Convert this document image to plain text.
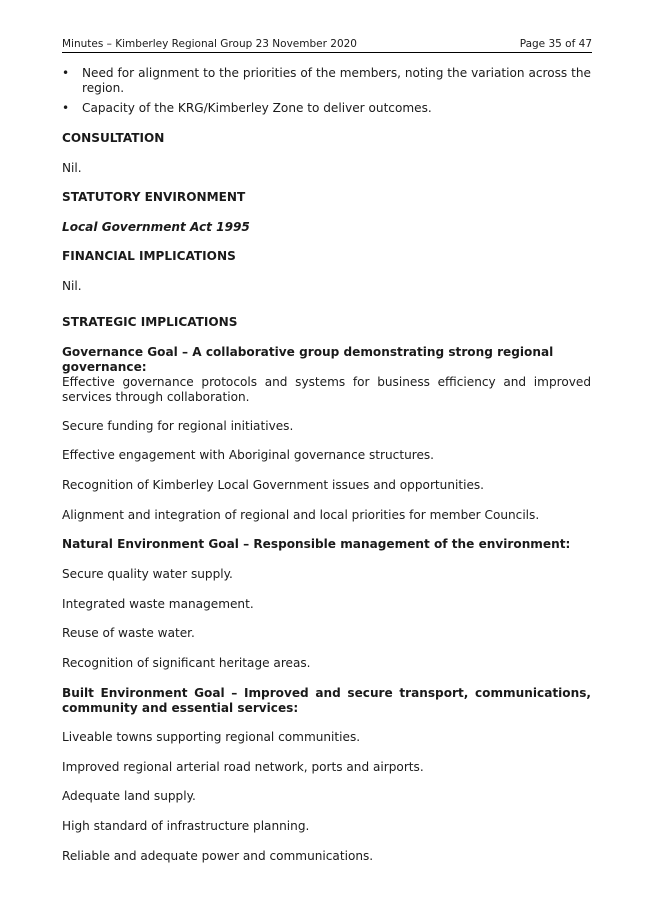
Minutes – Kimberley Regional Group 23 November 2020	Page 35 of 47
•	Need for alignment to the priorities of the members, noting the variation across the region.
•	Capacity of the KRG/Kimberley Zone to deliver outcomes.
CONSULTATION
Nil.
STATUTORY ENVIRONMENT
Local Government Act 1995
FINANCIAL IMPLICATIONS
Nil.
STRATEGIC IMPLICATIONS
Governance Goal – A collaborative group demonstrating strong regional governance:
Effective governance protocols and systems for business efficiency and improved services through collaboration.
Secure funding for regional initiatives.
Effective engagement with Aboriginal governance structures.
Recognition of Kimberley Local Government issues and opportunities.
Alignment and integration of regional and local priorities for member Councils.
Natural Environment Goal – Responsible management of the environment:
Secure quality water supply.
Integrated waste management.
Reuse of waste water.
Recognition of significant heritage areas.
Built Environment Goal – Improved and secure transport, communications, community and essential services:
Liveable towns supporting regional communities.
Improved regional arterial road network, ports and airports.
Adequate land supply.
High standard of infrastructure planning.
Reliable and adequate power and communications.
